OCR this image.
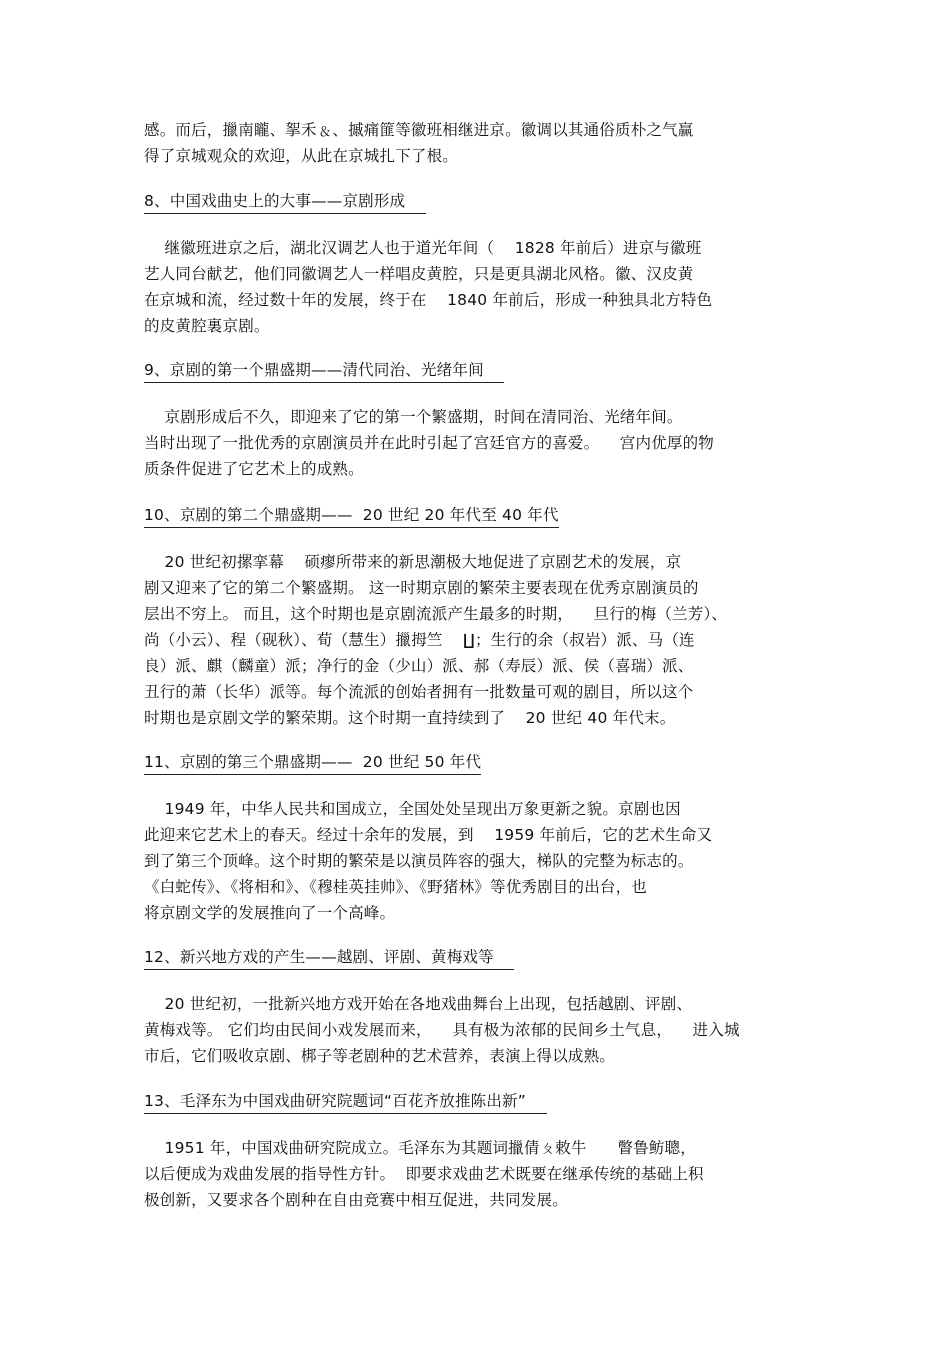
感。而后，擸南矓、挐禾﹠、摵痛篚等徽班相继进京。徽调以其通俗质朴之气赢
得了京城观众的欢迎，从此在京城扎下了根。
8、中国戏曲史上的大事——京剧形成
继徽班进京之后，湖北汉调艺人也于道光年间（    1828 年前后）进京与徽班
艺人同台献艺，他们同徽调艺人一样唱皮黄腔，只是更具湖北风格。徽、汉皮黄
在京城和流，经过数十年的发展，终于在    1840 年前后，形成一种独具北方特色
的皮黄腔裏京剧。
9、京剧的第一个鼎盛期——清代同治、光绪年间
京剧形成后不久，即迎来了它的第一个繁盛期，时间在清同治、光绪年间。
当时出现了一批优秀的京剧演员并在此时引起了宫廷官方的喜爱。    宫内优厚的物
质条件促进了它艺术上的成熟。
10、京剧的第二个鼎盛期——  20 世纪 20 年代至 40 年代
20 世纪初摞挛幕    硕瘳所带来的新思潮极大地促进了京剧艺术的发展，京
剧又迎来了它的第二个繁盛期。 这一时期京剧的繁荣主要表现在优秀京剧演员的
层出不穷上。 而且，这个时期也是京剧流派产生最多的时期，    旦行的梅（兰芳）、
尚（小云）、程（砚秋）、荀（慧生）擸拇竺    ∐；生行的余（叔岩）派、马（连
良）派、麒（麟童）派；净行的金（少山）派、郝（寿辰）派、侯（喜瑞）派、
丑行的萧（长华）派等。每个流派的创始者拥有一批数量可观的剧目，所以这个
时期也是京剧文学的繁荣期。这个时期一直持续到了    20 世纪 40 年代末。
11、京剧的第三个鼎盛期——  20 世纪 50 年代
1949 年，中华人民共和国成立，全国处处呈现出万象更新之貌。京剧也因
此迎来它艺术上的春天。经过十余年的发展，到    1959 年前后，它的艺术生命又
到了第三个顶峰。这个时期的繁荣是以演员阵容的强大，梯队的完整为标志的。
《白蛇传》、《将相和》、《穆桂英挂帅》、《野猪林》等优秀剧目的出台，也
将京剧文学的发展推向了一个高峰。
12、新兴地方戏的产生——越剧、评剧、黄梅戏等
20 世纪初，一批新兴地方戏开始在各地戏曲舞台上出现，包括越剧、评剧、
黄梅戏等。 它们均由民间小戏发展而来，    具有极为浓郁的民间乡土气息，    进入城
市后，它们吸收京剧、梆子等老剧种的艺术营养，表演上得以成熟。
13、毛泽东为中国戏曲研究院题词“百花齐放推陈出新”
1951 年，中国戏曲研究院成立。毛泽东为其题词擸倩ㄆ敕牛      瞥鲁鲂聰，
以后便成为戏曲发展的指导性方针。  即要求戏曲艺术既要在继承传统的基础上积
极创新，又要求各个剧种在自由竞赛中相互促进，共同发展。
